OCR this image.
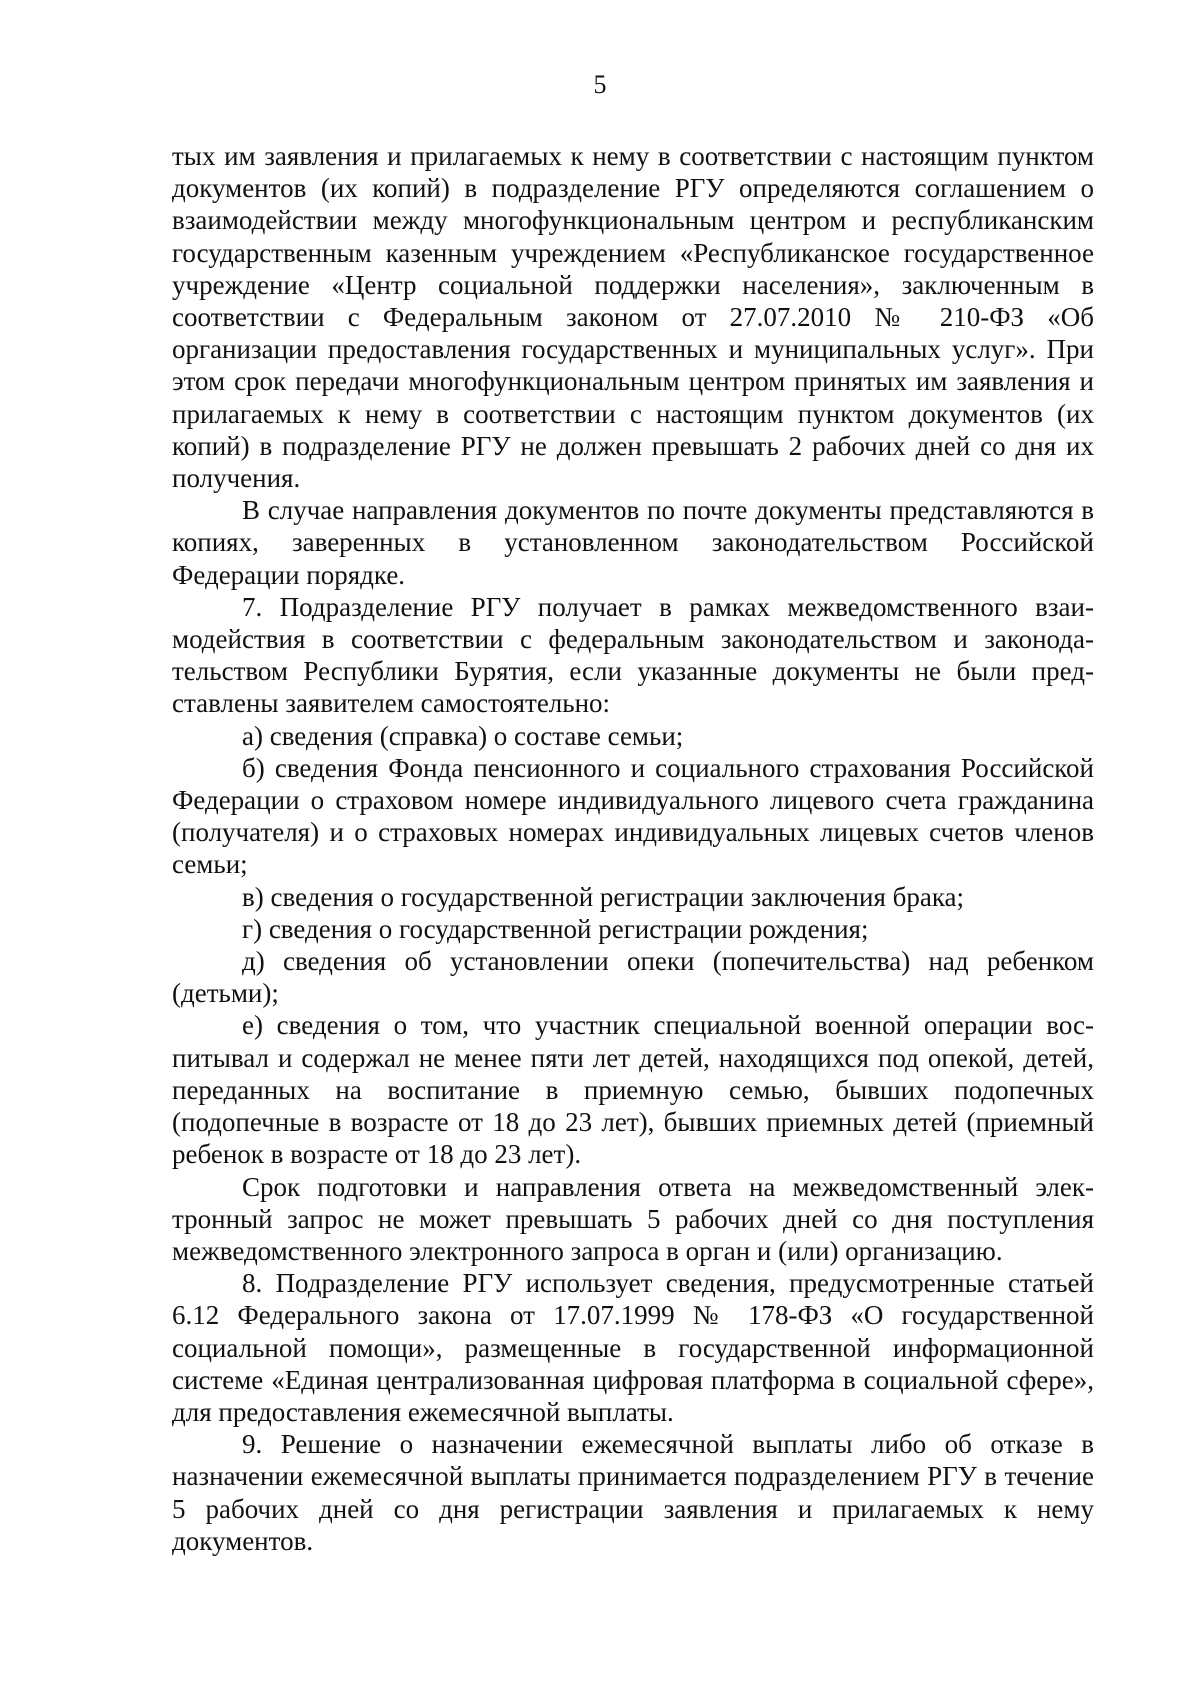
5

тых им заявления и прилагаемых к нему в соответствии с настоящим пунктом документов (их копий) в подразделение РГУ определяются соглашением о взаимодействии между многофункциональным центром и республиканским государственным казенным учреждением «Республиканское государственное учреждение «Центр социальной поддержки населения», заключенным в соответствии с Федеральным законом от 27.07.2010 № 210-ФЗ «Об организации предоставления государственных и муниципальных услуг». При этом срок передачи многофункциональным центром принятых им заявления и прилагаемых к нему в соответствии с настоящим пунктом документов (их копий) в подразделение РГУ не должен превышать 2 рабочих дней со дня их получения.

В случае направления документов по почте документы представляются в копиях, заверенных в установленном законодательством Российской Федерации порядке.

7. Подразделение РГУ получает в рамках межведомственного взаимодействия в соответствии с федеральным законодательством и законодательством Республики Бурятия, если указанные документы не были представлены заявителем самостоятельно:

а) сведения (справка) о составе семьи;

б) сведения Фонда пенсионного и социального страхования Российской Федерации о страховом номере индивидуального лицевого счета гражданина (получателя) и о страховых номерах индивидуальных лицевых счетов членов семьи;

в) сведения о государственной регистрации заключения брака;

г) сведения о государственной регистрации рождения;

д) сведения об установлении опеки (попечительства) над ребенком (детьми);

е) сведения о том, что участник специальной военной операции воспитывал и содержал не менее пяти лет детей, находящихся под опекой, детей, переданных на воспитание в приемную семью, бывших подопечных (подопечные в возрасте от 18 до 23 лет), бывших приемных детей (приемный ребенок в возрасте от 18 до 23 лет).

Срок подготовки и направления ответа на межведомственный электронный запрос не может превышать 5 рабочих дней со дня поступления межведомственного электронного запроса в орган и (или) организацию.

8. Подразделение РГУ использует сведения, предусмотренные статьей 6.12 Федерального закона от 17.07.1999 № 178-ФЗ «О государственной социальной помощи», размещенные в государственной информационной системе «Единая централизованная цифровая платформа в социальной сфере», для предоставления ежемесячной выплаты.

9. Решение о назначении ежемесячной выплаты либо об отказе в назначении ежемесячной выплаты принимается подразделением РГУ в течение 5 рабочих дней со дня регистрации заявления и прилагаемых к нему документов.
